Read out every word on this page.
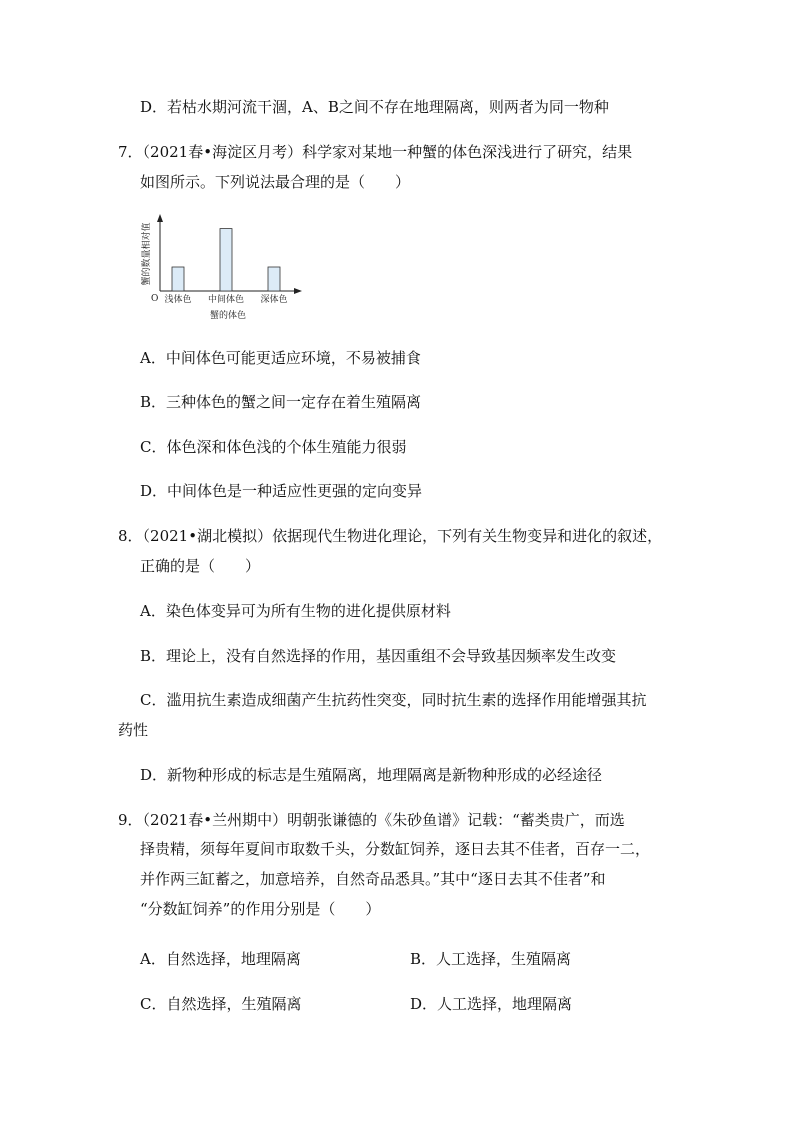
D．若枯水期河流干涸，A、B之间不存在地理隔离，则两者为同一物种
7．（2021春•海淀区月考）科学家对某地一种蟹的体色深浅进行了研究，结果
如图所示。下列说法最合理的是（　　）
蟹的数量相对值
O 浅体色 中间体色 深体色
蟹的体色
A．中间体色可能更适应环境，不易被捕食
B．三种体色的蟹之间一定存在着生殖隔离
C．体色深和体色浅的个体生殖能力很弱
D．中间体色是一种适应性更强的定向变异
8．（2021•湖北模拟）依据现代生物进化理论，下列有关生物变异和进化的叙述，
正确的是（　　）
A．染色体变异可为所有生物的进化提供原材料
B．理论上，没有自然选择的作用，基因重组不会导致基因频率发生改变
C．滥用抗生素造成细菌产生抗药性突变，同时抗生素的选择作用能增强其抗
药性
D．新物种形成的标志是生殖隔离，地理隔离是新物种形成的必经途径
9．（2021春•兰州期中）明朝张谦德的《朱砂鱼谱》记载：“蓄类贵广，而选
择贵精，须每年夏间市取数千头，分数缸饲养，逐日去其不佳者，百存一二，
并作两三缸蓄之，加意培养，自然奇品悉具。”其中“逐日去其不佳者”和
“分数缸饲养”的作用分别是（　　）
A．自然选择，地理隔离	B．人工选择，生殖隔离
C．自然选择，生殖隔离	D．人工选择，地理隔离
